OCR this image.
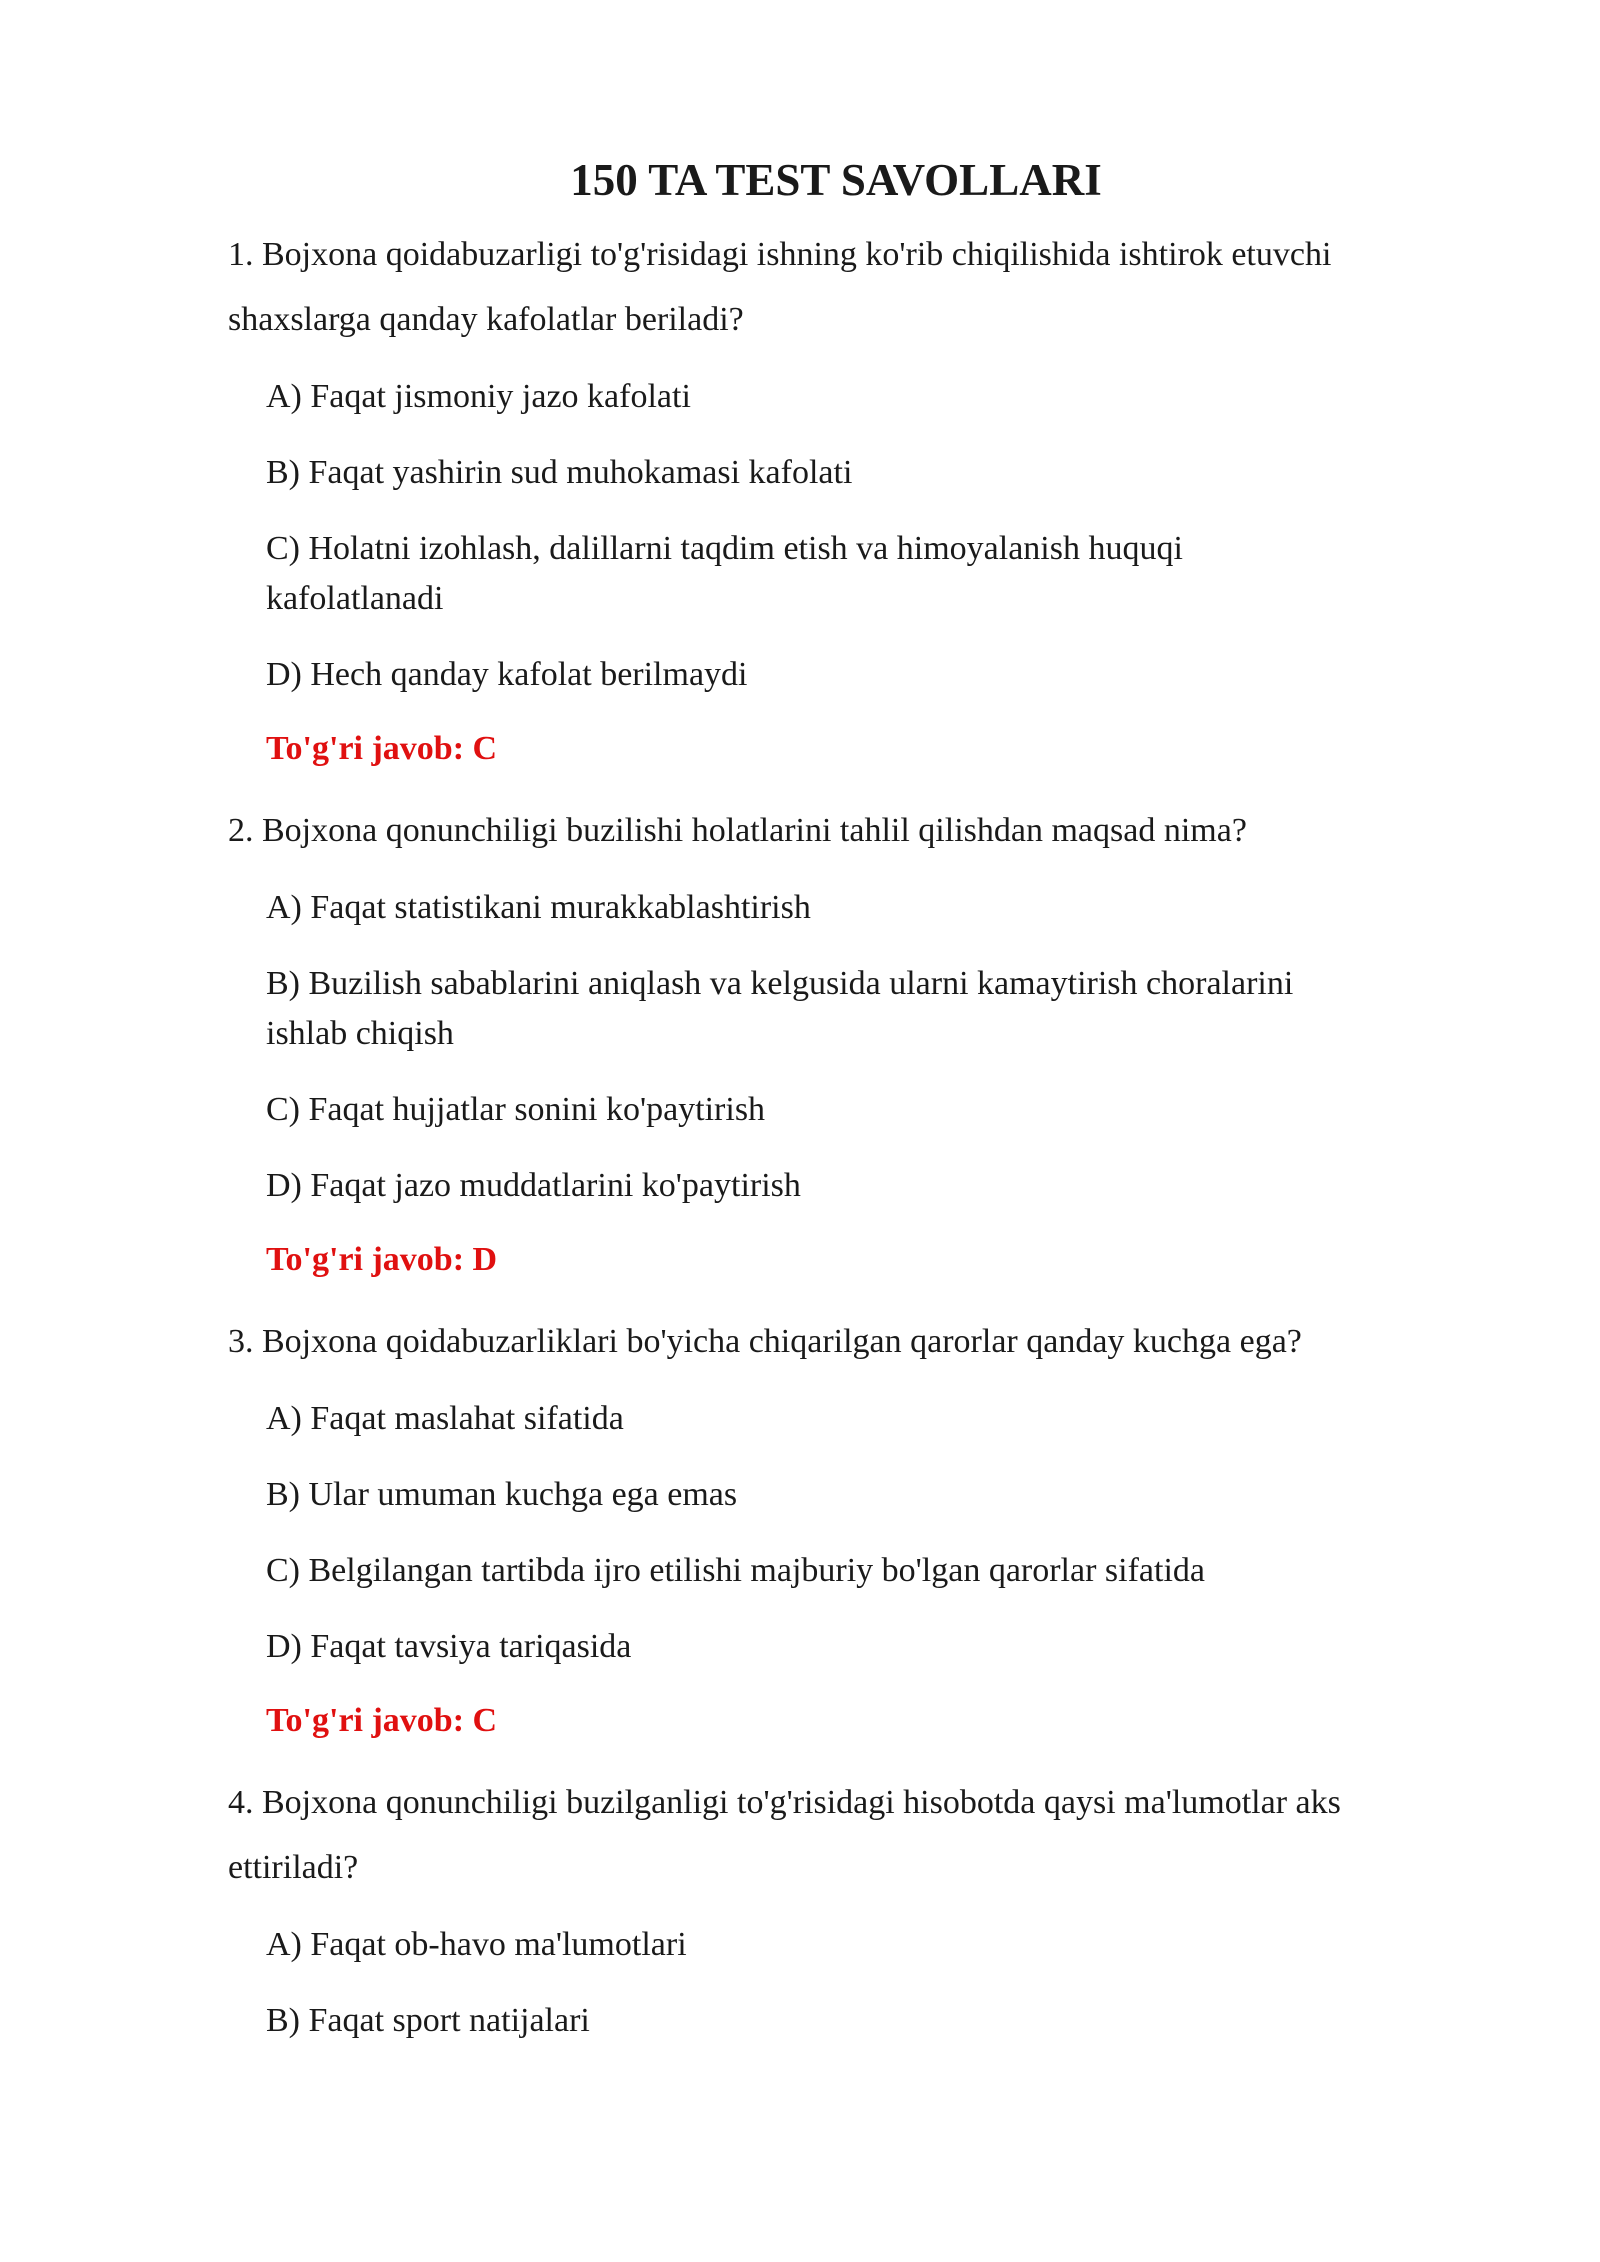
150 TA TEST SAVOLLARI

1. Bojxona qoidabuzarligi to'g'risidagi ishning ko'rib chiqilishida ishtirok etuvchi
shaxslarga qanday kafolatlar beriladi?

A) Faqat jismoniy jazo kafolati
B) Faqat yashirin sud muhokamasi kafolati
C) Holatni izohlash, dalillarni taqdim etish va himoyalanish huquqi
kafolatlanadi
D) Hech qanday kafolat berilmaydi
To'g'ri javob: C

2. Bojxona qonunchiligi buzilishi holatlarini tahlil qilishdan maqsad nima?

A) Faqat statistikani murakkablashtirish
B) Buzilish sabablarini aniqlash va kelgusida ularni kamaytirish choralarini
ishlab chiqish
C) Faqat hujjatlar sonini ko'paytirish
D) Faqat jazo muddatlarini ko'paytirish
To'g'ri javob: D

3. Bojxona qoidabuzarliklari bo'yicha chiqarilgan qarorlar qanday kuchga ega?

A) Faqat maslahat sifatida
B) Ular umuman kuchga ega emas
C) Belgilangan tartibda ijro etilishi majburiy bo'lgan qarorlar sifatida
D) Faqat tavsiya tariqasida
To'g'ri javob: C

4. Bojxona qonunchiligi buzilganligi to'g'risidagi hisobotda qaysi ma'lumotlar aks
ettiriladi?

A) Faqat ob-havo ma'lumotlari
B) Faqat sport natijalari
